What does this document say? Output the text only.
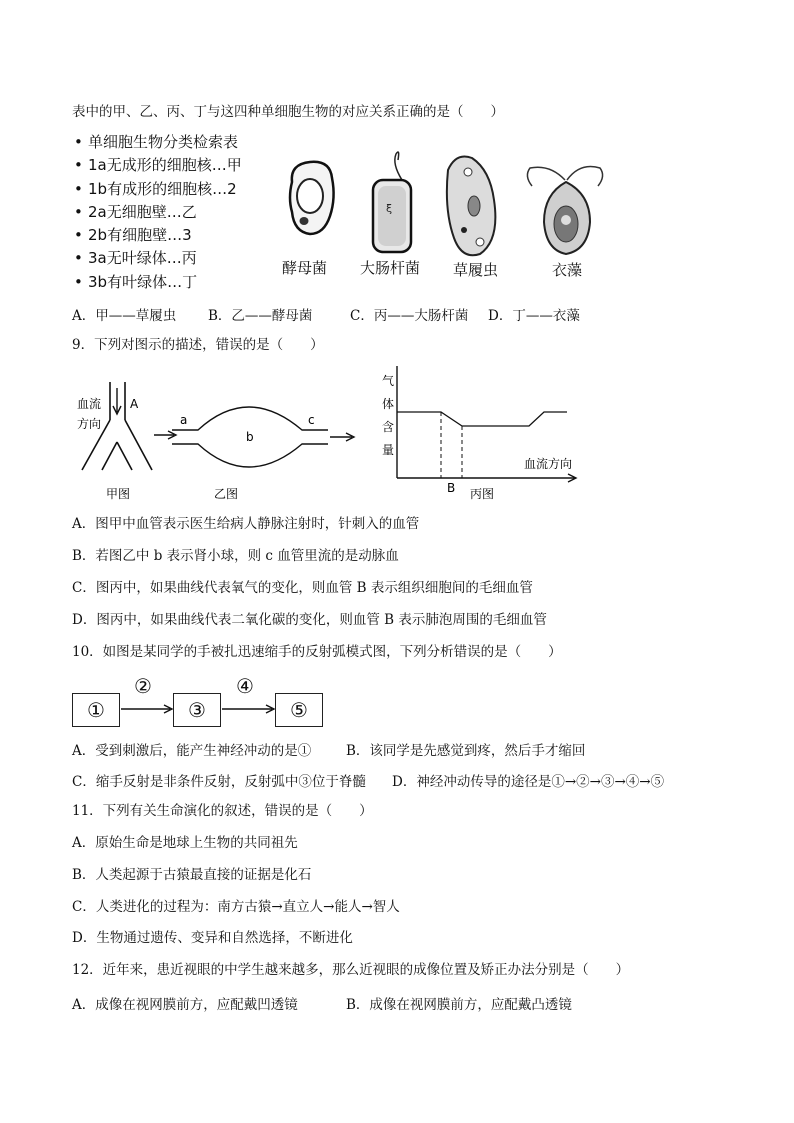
表中的甲、乙、丙、丁与这四种单细胞生物的对应关系正确的是（　　）
• 单细胞生物分类检索表
• 1a无成形的细胞核…甲
• 1b有成形的细胞核…2
• 2a无细胞壁…乙
• 2b有细胞壁…3
• 3a无叶绿体…丙
• 3b有叶绿体…丁
ξ
酵母菌 大肠杆菌 草履虫	衣藻
A．甲——草履虫 B．乙——酵母菌	C．丙——大肠杆菌 D．丁——衣藻
9．下列对图示的描述，错误的是（　　）
血流
方向
A
甲图
a
b
c
乙图
气
体
含
量
血流方向
B 丙图
A．图甲中血管表示医生给病人静脉注射时，针刺入的血管
B．若图乙中 b 表示肾小球，则 c 血管里流的是动脉血
C．图丙中，如果曲线代表氧气的变化，则血管 B 表示组织细胞间的毛细血管
D．图丙中，如果曲线代表二氧化碳的变化，则血管 B 表示肺泡周围的毛细血管
10．如图是某同学的手被扎迅速缩手的反射弧模式图，下列分析错误的是（　　）
①
②
③
④
⑤
A．受到刺激后，能产生神经冲动的是①	B．该同学是先感觉到疼，然后手才缩回
C．缩手反射是非条件反射，反射弧中③位于脊髓 D．神经冲动传导的途径是①→②→③→④→⑤
11．下列有关生命演化的叙述，错误的是（　　）
A．原始生命是地球上生物的共同祖先
B．人类起源于古猿最直接的证据是化石
C．人类进化的过程为：南方古猿→直立人→能人→智人
D．生物通过遗传、变异和自然选择，不断进化
12．近年来，患近视眼的中学生越来越多，那么近视眼的成像位置及矫正办法分别是（　　）
A．成像在视网膜前方，应配戴凹透镜	B．成像在视网膜前方，应配戴凸透镜
